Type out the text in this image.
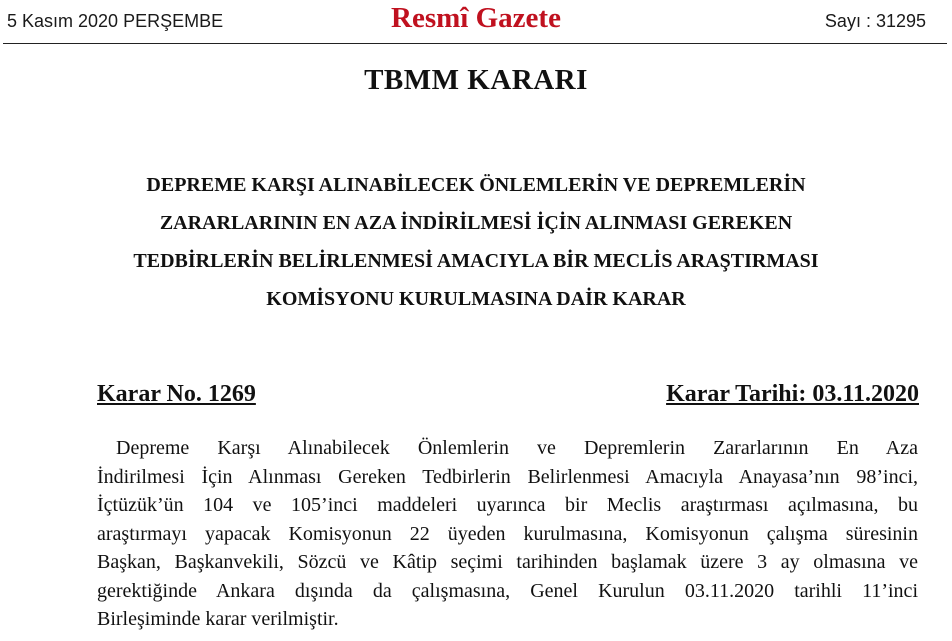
5 Kasım 2020 PERŞEMBE	Resmî Gazete	Sayı : 31295
TBMM KARARI
DEPREME KARŞI ALINABİLECEK ÖNLEMLERİN VE DEPREMLERİN
ZARARLARININ EN AZA İNDİRİLMESİ İÇİN ALINMASI GEREKEN
TEDBİRLERİN BELİRLENMESİ AMACIYLA BİR MECLİS ARAŞTIRMASI
KOMİSYONU KURULMASINA DAİR KARAR
Karar No. 1269	Karar Tarihi: 03.11.2020
Depreme Karşı Alınabilecek Önlemlerin ve Depremlerin Zararlarının En Aza
İndirilmesi İçin Alınması Gereken Tedbirlerin Belirlenmesi Amacıyla Anayasa’nın 98’inci,
İçtüzük’ün 104 ve 105’inci maddeleri uyarınca bir Meclis araştırması açılmasına, bu
araştırmayı yapacak Komisyonun 22 üyeden kurulmasına, Komisyonun çalışma süresinin
Başkan, Başkanvekili, Sözcü ve Kâtip seçimi tarihinden başlamak üzere 3 ay olmasına ve
gerektiğinde Ankara dışında da çalışmasına, Genel Kurulun 03.11.2020 tarihli 11’inci
Birleşiminde karar verilmiştir.
